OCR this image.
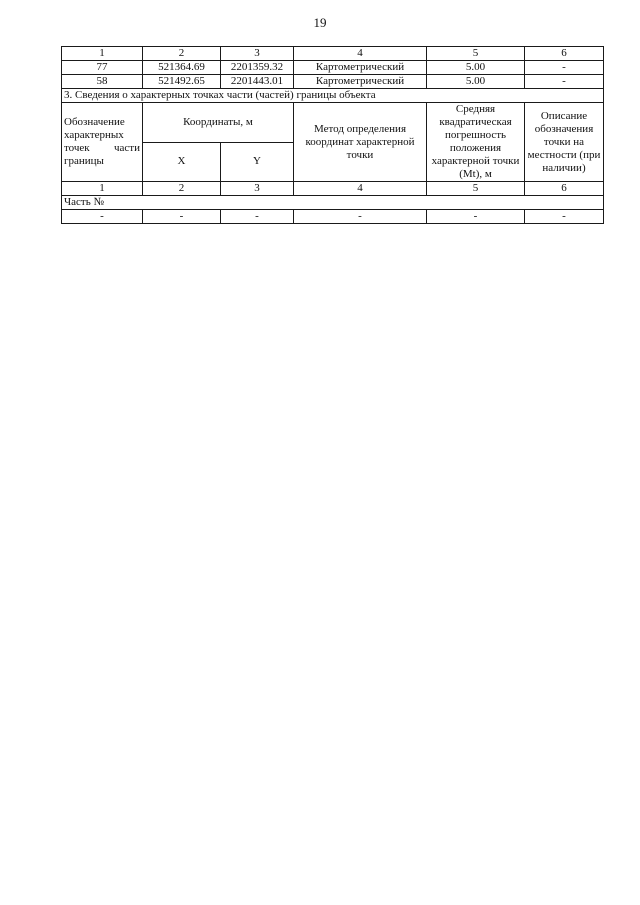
19
1	2	3	4	5	6
77	521364.69	2201359.32	Картометрический	5.00	-
58	521492.65	2201443.01	Картометрический	5.00	-
3. Сведения о характерных точках части (частей) границы объекта					

Обозначение
характерных
точек части
границы	Координаты, м		Метод определения координат характерной точки	Средняя квадратическая погрешность положения характерной точки (Mt), м	Описание обозначения точки на местности (при наличии)
	X	Y			
1	2	3	4	5	6
Часть №					
-	-	-	-	-	-
